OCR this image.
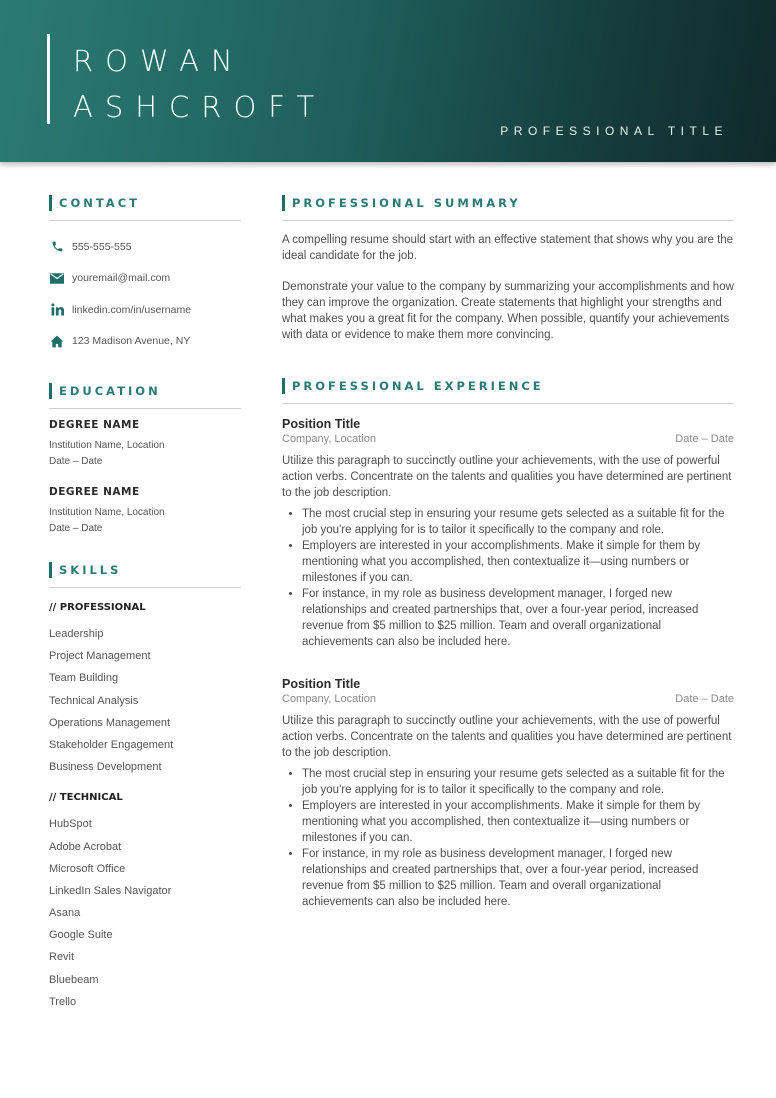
ROWAN
ASHCROFT
PROFESSIONAL TITLE
CONTACT
555-555-555
youremail@mail.com
linkedin.com/in/username
123 Madison Avenue, NY
EDUCATION
DEGREE NAME
Institution Name, Location
Date – Date
DEGREE NAME
Institution Name, Location
Date – Date
SKILLS
// PROFESSIONAL
Leadership
Project Management
Team Building
Technical Analysis
Operations Management
Stakeholder Engagement
Business Development
// TECHNICAL
HubSpot
Adobe Acrobat
Microsoft Office
LinkedIn Sales Navigator
Asana
Google Suite
Revit
Bluebeam
Trello
PROFESSIONAL SUMMARY

A compelling resume should start with an effective statement that shows why you are the ideal candidate for the job.

Demonstrate your value to the company by summarizing your accomplishments and how they can improve the organization. Create statements that highlight your strengths and what makes you a great fit for the company. When possible, quantify your achievements with data or evidence to make them more convincing.

PROFESSIONAL EXPERIENCE
Position Title
Company, Location	Date – Date

Utilize this paragraph to succinctly outline your achievements, with the use of powerful action verbs. Concentrate on the talents and qualities you have determined are pertinent to the job description.

• The most crucial step in ensuring your resume gets selected as a suitable fit for the job you're applying for is to tailor it specifically to the company and role.
• Employers are interested in your accomplishments. Make it simple for them by mentioning what you accomplished, then contextualize it—using numbers or milestones if you can.
• For instance, in my role as business development manager, I forged new relationships and created partnerships that, over a four-year period, increased revenue from $5 million to $25 million. Team and overall organizational achievements can also be included here.
Position Title
Company, Location	Date – Date

Utilize this paragraph to succinctly outline your achievements, with the use of powerful action verbs. Concentrate on the talents and qualities you have determined are pertinent to the job description.

• The most crucial step in ensuring your resume gets selected as a suitable fit for the job you're applying for is to tailor it specifically to the company and role.
• Employers are interested in your accomplishments. Make it simple for them by mentioning what you accomplished, then contextualize it—using numbers or milestones if you can.
• For instance, in my role as business development manager, I forged new relationships and created partnerships that, over a four-year period, increased revenue from $5 million to $25 million. Team and overall organizational achievements can also be included here.
